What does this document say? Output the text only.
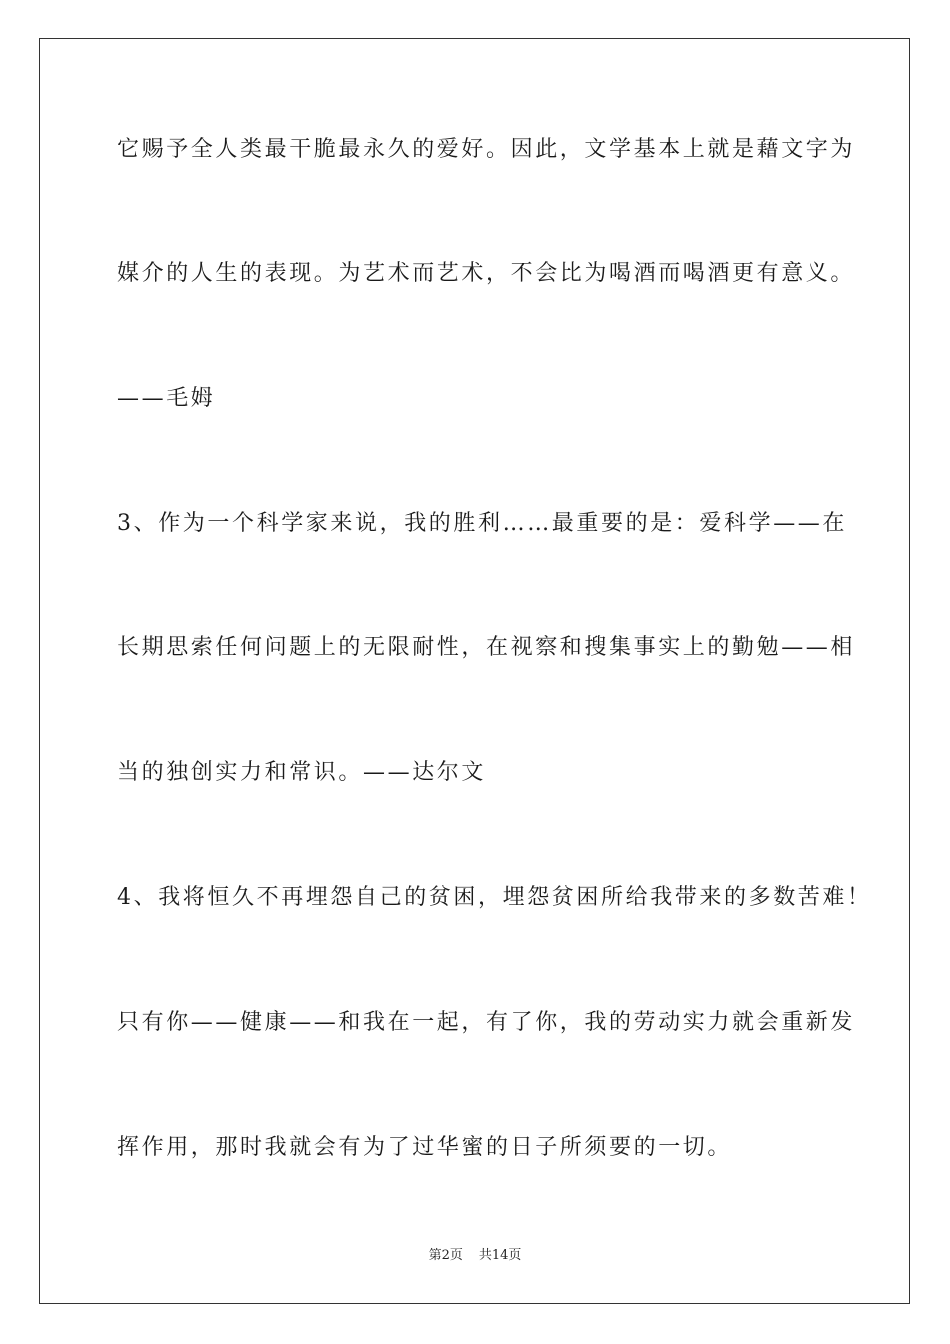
它赐予全人类最干脆最永久的爱好。因此，文学基本上就是藉文字为

媒介的人生的表现。为艺术而艺术，不会比为喝酒而喝酒更有意义。

——毛姆

3、作为一个科学家来说，我的胜利……最重要的是：爱科学——在

长期思索任何问题上的无限耐性，在视察和搜集事实上的勤勉——相

当的独创实力和常识。——达尔文

4、我将恒久不再埋怨自己的贫困，埋怨贫困所给我带来的多数苦难！

只有你——健康——和我在一起，有了你，我的劳动实力就会重新发

挥作用，那时我就会有为了过华蜜的日子所须要的一切。

第2页 共14页
